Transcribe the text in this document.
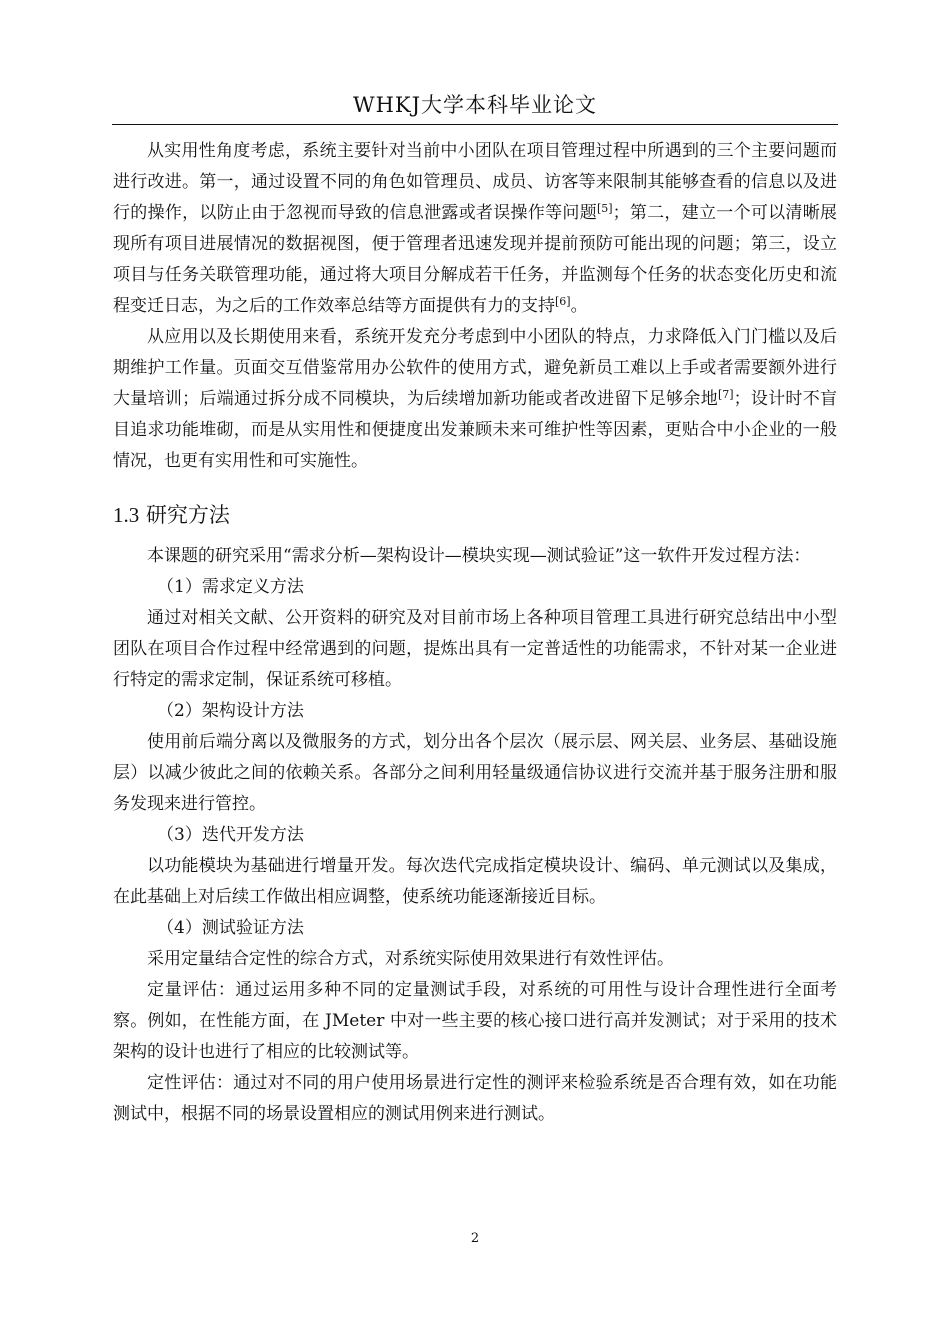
WHKJ大学本科毕业论文

从实用性角度考虑，系统主要针对当前中小团队在项目管理过程中所遇到的三个主要问题而进行改进。第一，通过设置不同的角色如管理员、成员、访客等来限制其能够查看的信息以及进行的操作，以防止由于忽视而导致的信息泄露或者误操作等问题[5]；第二，建立一个可以清晰展现所有项目进展情况的数据视图，便于管理者迅速发现并提前预防可能出现的问题；第三，设立项目与任务关联管理功能，通过将大项目分解成若干任务，并监测每个任务的状态变化历史和流程变迁日志，为之后的工作效率总结等方面提供有力的支持[6]。

从应用以及长期使用来看，系统开发充分考虑到中小团队的特点，力求降低入门门槛以及后期维护工作量。页面交互借鉴常用办公软件的使用方式，避免新员工难以上手或者需要额外进行大量培训；后端通过拆分成不同模块，为后续增加新功能或者改进留下足够余地[7]；设计时不盲目追求功能堆砌，而是从实用性和便捷度出发兼顾未来可维护性等因素，更贴合中小企业的一般情况，也更有实用性和可实施性。

1.3 研究方法

本课题的研究采用“需求分析—架构设计—模块实现—测试验证”这一软件开发过程方法：

（1）需求定义方法

通过对相关文献、公开资料的研究及对目前市场上各种项目管理工具进行研究总结出中小型团队在项目合作过程中经常遇到的问题，提炼出具有一定普适性的功能需求，不针对某一企业进行特定的需求定制，保证系统可移植。

（2）架构设计方法

使用前后端分离以及微服务的方式，划分出各个层次（展示层、网关层、业务层、基础设施层）以减少彼此之间的依赖关系。各部分之间利用轻量级通信协议进行交流并基于服务注册和服务发现来进行管控。

（3）迭代开发方法

以功能模块为基础进行增量开发。每次迭代完成指定模块设计、编码、单元测试以及集成，在此基础上对后续工作做出相应调整，使系统功能逐渐接近目标。

（4）测试验证方法

采用定量结合定性的综合方式，对系统实际使用效果进行有效性评估。

定量评估：通过运用多种不同的定量测试手段，对系统的可用性与设计合理性进行全面考察。例如，在性能方面，在 JMeter 中对一些主要的核心接口进行高并发测试；对于采用的技术架构的设计也进行了相应的比较测试等。

定性评估：通过对不同的用户使用场景进行定性的测评来检验系统是否合理有效，如在功能测试中，根据不同的场景设置相应的测试用例来进行测试。

2
